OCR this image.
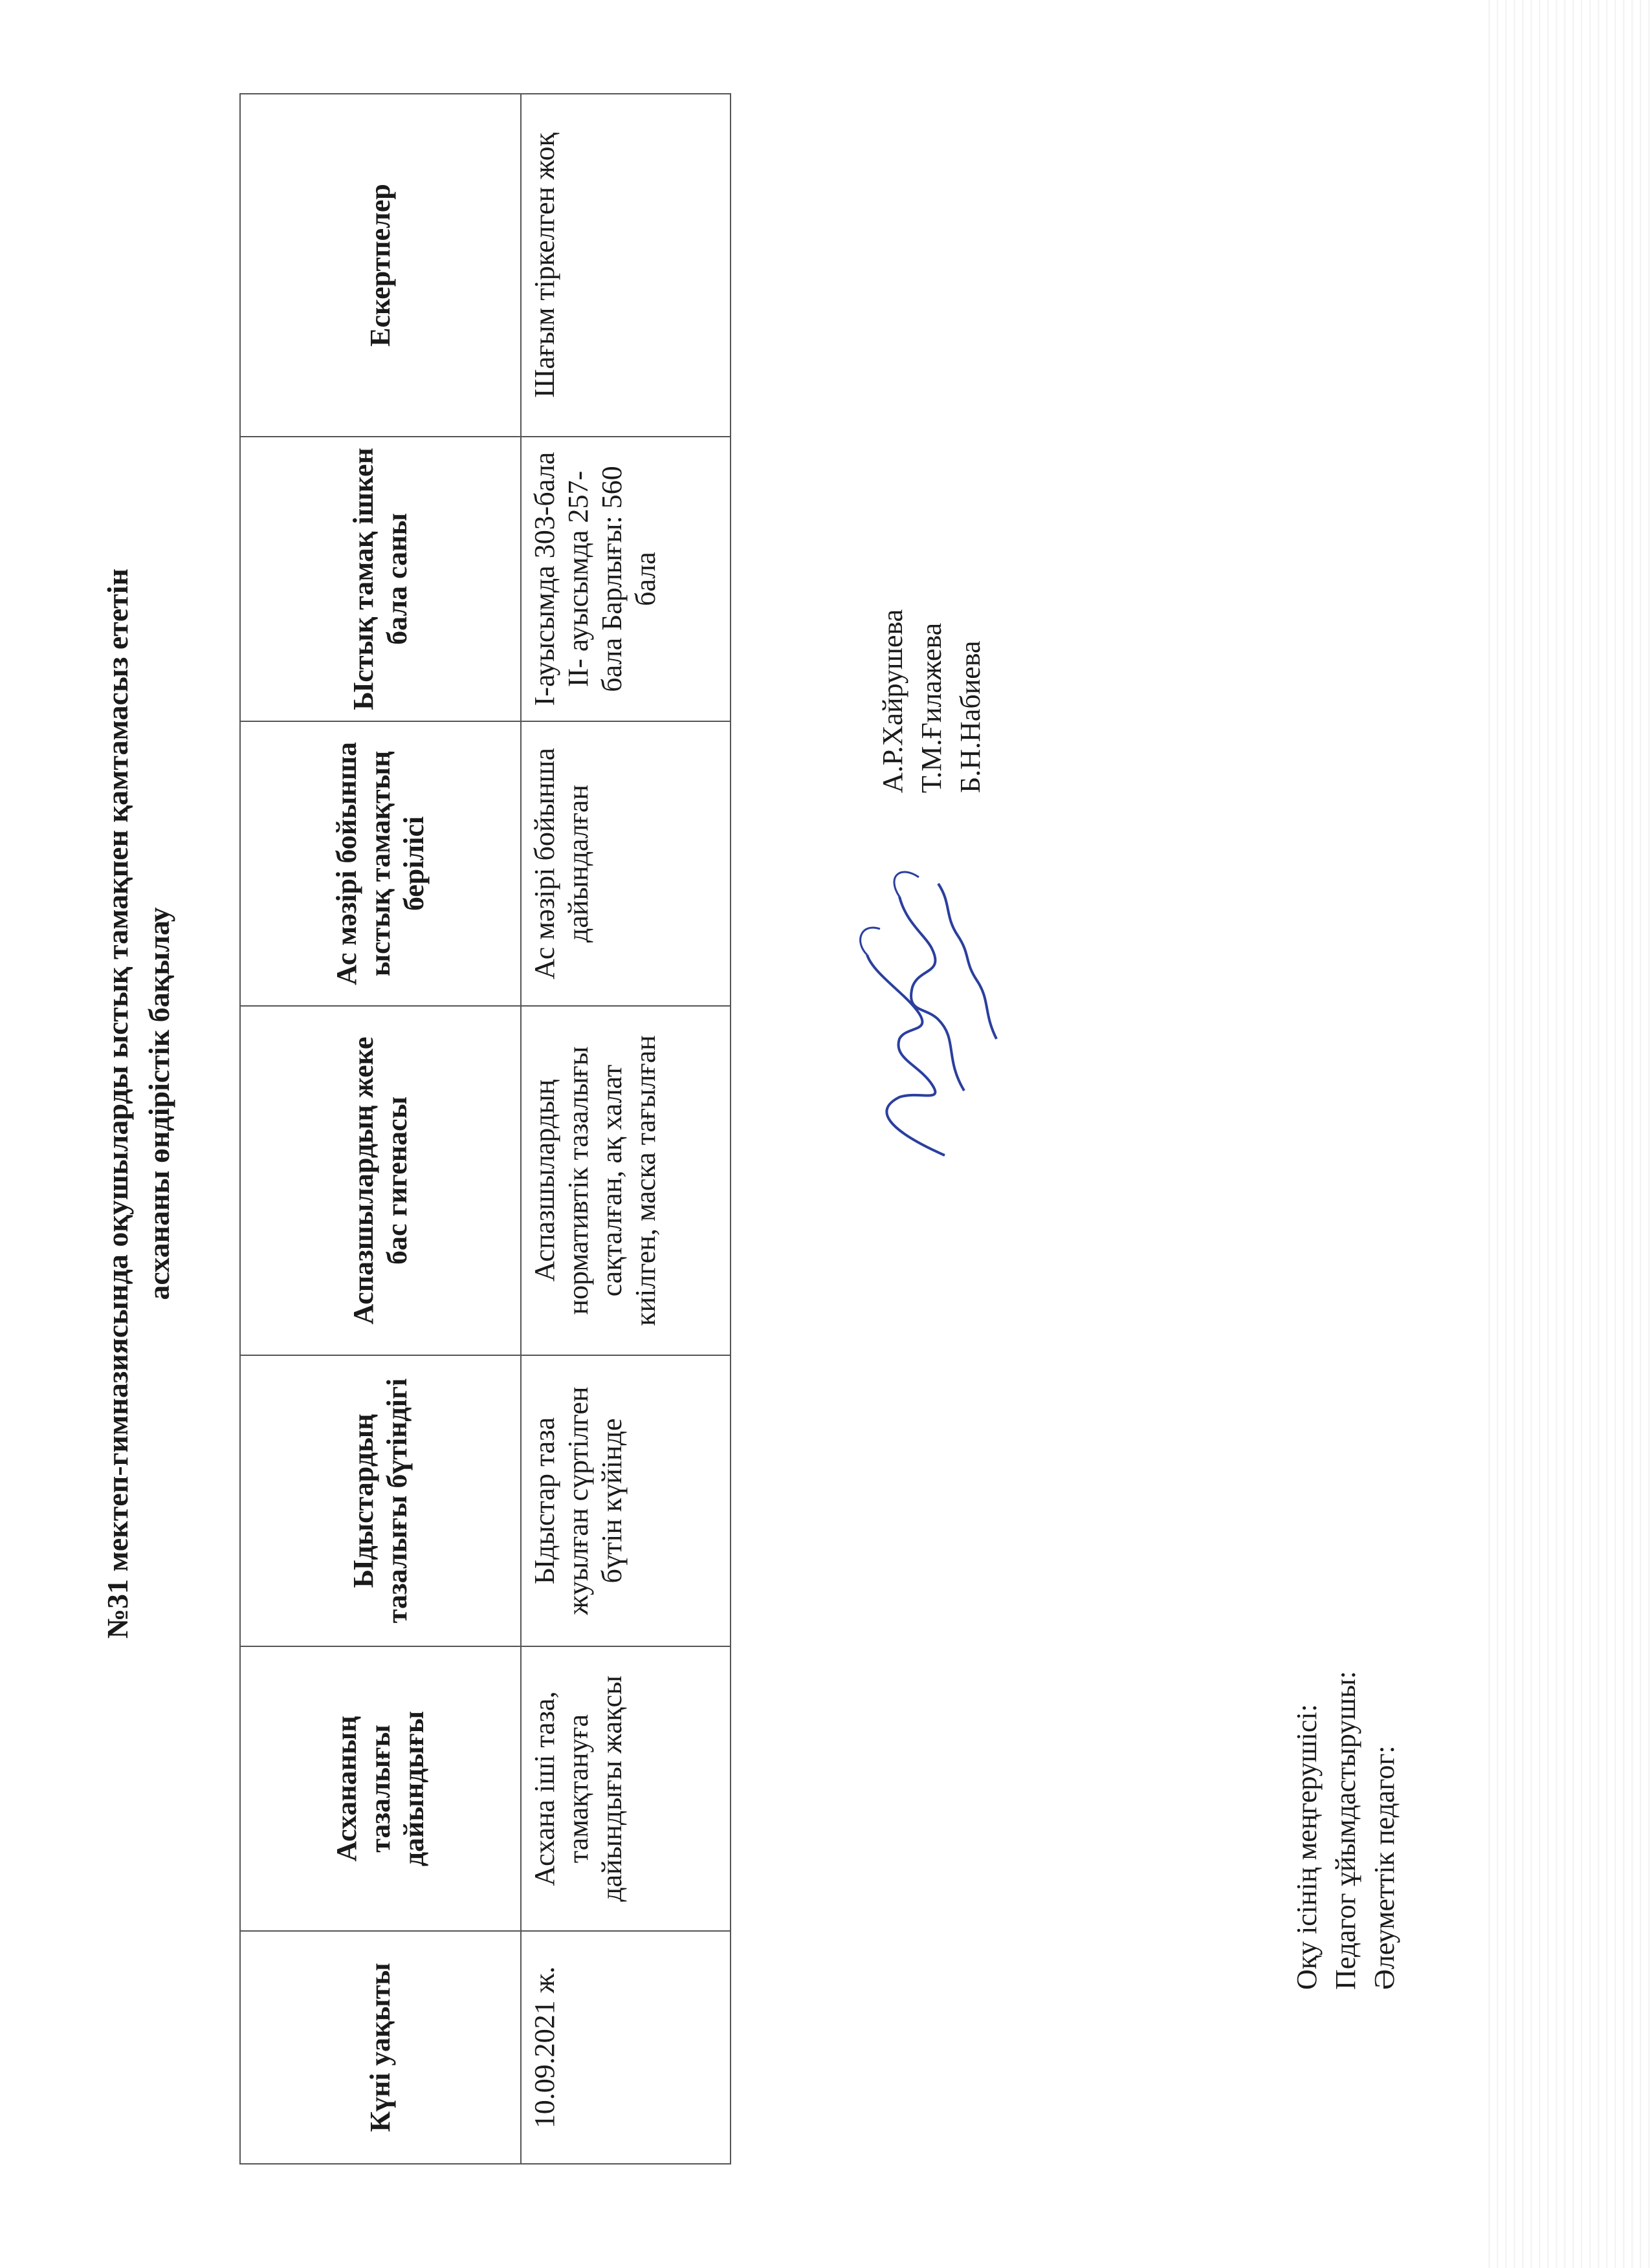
№31 мектеп-гимназиясында оқушыларды ыстық тамақпен қамтамасыз ететін асхананы өндірістік бақылау
Күні уақыты	Асхананың тазалығы дайындығы	Ыдыстардың тазалығы бүтіндігі	Аспазшылардың жеке бас гигенасы	Ас мәзірі бойынша ыстық тамақтың берілісі	Ыстық тамақ ішкен бала саны	Ескертпелер
10.09.2021 ж.	Асхана іші таза, тамақтануға дайындығы жақсы	Ыдыстар таза жуылған сүртілген бүтін күйінде	Аспазшылардың нормативтік тазалығы сақталған, ақ халат киілген, маска тағылған	Ас мәзірі бойынша дайындалған	І-ауысымда 303-бала ІІ- ауысымда 257-бала Барлығы: 560 бала	Шағым тіркелген жоқ
Оқу ісінің меңгерушісі: Педагог ұйымдастырушы: Әлеуметтік педагог:
А.Р.Хайрушева Т.М.Ғилажева Б.Н.Набиева
